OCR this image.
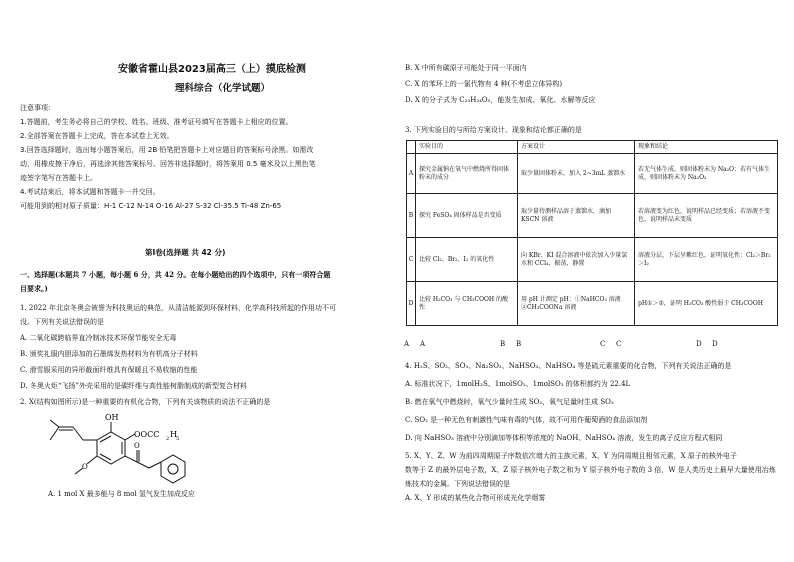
安徽省霍山县2023届高三（上）摸底检测
理科综合（化学试题）
注意事项:
1.答题前，考生务必将自己的学校、姓名、班级、准考证号填写在答题卡上相应的位置。
2.全部答案在答题卡上完成，答在本试卷上无效。
3.回答选择题时，选出每小题答案后，用 2B 铅笔把答题卡上对应题目的答案标号涂黑。如需改
动，用橡皮擦干净后，再选涂其他答案标号。回答非选择题时，将答案用 0.5 毫米及以上黑色笔
迹签字笔写在答题卡上。
4.考试结束后，将本试题和答题卡一并交回。
可能用到的相对原子质量：H-1 C-12 N-14 O-16 Al-27 S-32 Cl-35.5 Ti-48 Zn-65
第Ⅰ卷(选择题 共 42 分)
一、选择题(本题共 7 小题，每小题 6 分，共 42 分。在每小题给出的四个选项中，只有一项符合题
目要求。)
1. 2022 年北京冬奥会被誉为科技奥运的典范，从清洁能源到环保材料，化学高科技所起的作用功不可
没。下列有关说法错误的是
A. 二氧化碳跨临界直冷制冰技术环保节能安全无毒
B. 颁奖礼服内胆添加的石墨烯发热材料为有机高分子材料
C. 滑雪服采用的异形截面纤维具有保暖且不易收缩的性能
D. 冬奥火炬“飞扬”外壳采用的是碳纤维与高性能树脂制成的新型复合材料
2. X(结构如图所示)是一种重要的有机化合物，下列有关该物质的说法不正确的是
OH
OOCC 2 H 5
O
O
A. 1 mol X 最多能与 8 mol 氢气发生加成反应
B. X 中所有碳原子可能处于同一平面内
C. X 的苯环上的一氯代物有 4 种(不考虑立体异构)
D. X 的分子式为 C₂₃H₂₄O₅，能发生加成、氧化、水解等反应
3. 下列实验目的与所给方案设计、现象和结论都正确的是
	实验目的	方案设计	现象和结论
A	探究金属钠在氧气中燃烧所得固体粉末的成分	取少量固体粉末，加入 2~3mL 蒸馏水	若无气体生成，则固体粉末为 Na₂O；若有气体生成，则固体粉末为 Na₂O₂
B	探究 FeSO₄ 固体样品是否变质	取少量待测样品溶于蒸馏水，滴加 KSCN 溶液	若溶液变为红色，说明样品已经变质；若溶液不变色，说明样品未变质
C	比较 Cl₂、Br₂、I₂ 的氧化性	向 KBr、KI 混合溶液中依次加入少量氯水和 CCl₄，振荡，静置	溶液分层，下层呈紫红色，证明氧化性：Cl₂＞Br₂＞I₂
D	比较 H₂CO₃ 与 CH₃COOH 的酸性	用 pH 计测定 pH：①NaHCO₃ 溶液 ②CH₃COONa 溶液	pH①＞②，证明 H₂CO₃ 酸性弱于 CH₃COOH
A A	B B	C C	D D
4. H₂S、SO₂、SO₃、Na₂SO₃、NaHSO₃、NaHSO₄ 等是硫元素重要的化合物，下列有关说法正确的是
A. 标准状况下，1molH₂S、1molSO₂、1molSO₃ 的体积都约为 22.4L
B. 燃在氧气中燃烧时，氧气少量时生成 SO₂，氧气足量时生成 SO₃
C. SO₂ 是一种无色有刺激性气味有毒的气体，故不可用作葡萄酒的食品添加剂
D. 向 NaHSO₃ 溶液中分别滴加等体积等浓度的 NaOH、NaHSO₄ 溶液，发生的离子反应方程式相同
5. X、Y、Z、W 为前四周期原子序数依次增大的主族元素，X、Y 为同周期且相邻元素，X 原子的核外电子
数等于 Z 的最外层电子数，X、Z 原子核外电子数之和为 Y 原子核外电子数的 3 倍，W 是人类历史上最早大量使用冶炼
炼技术的金属。下列说法错误的是
A. X、Y 形成的某些化合物可形成光化学烟雾
